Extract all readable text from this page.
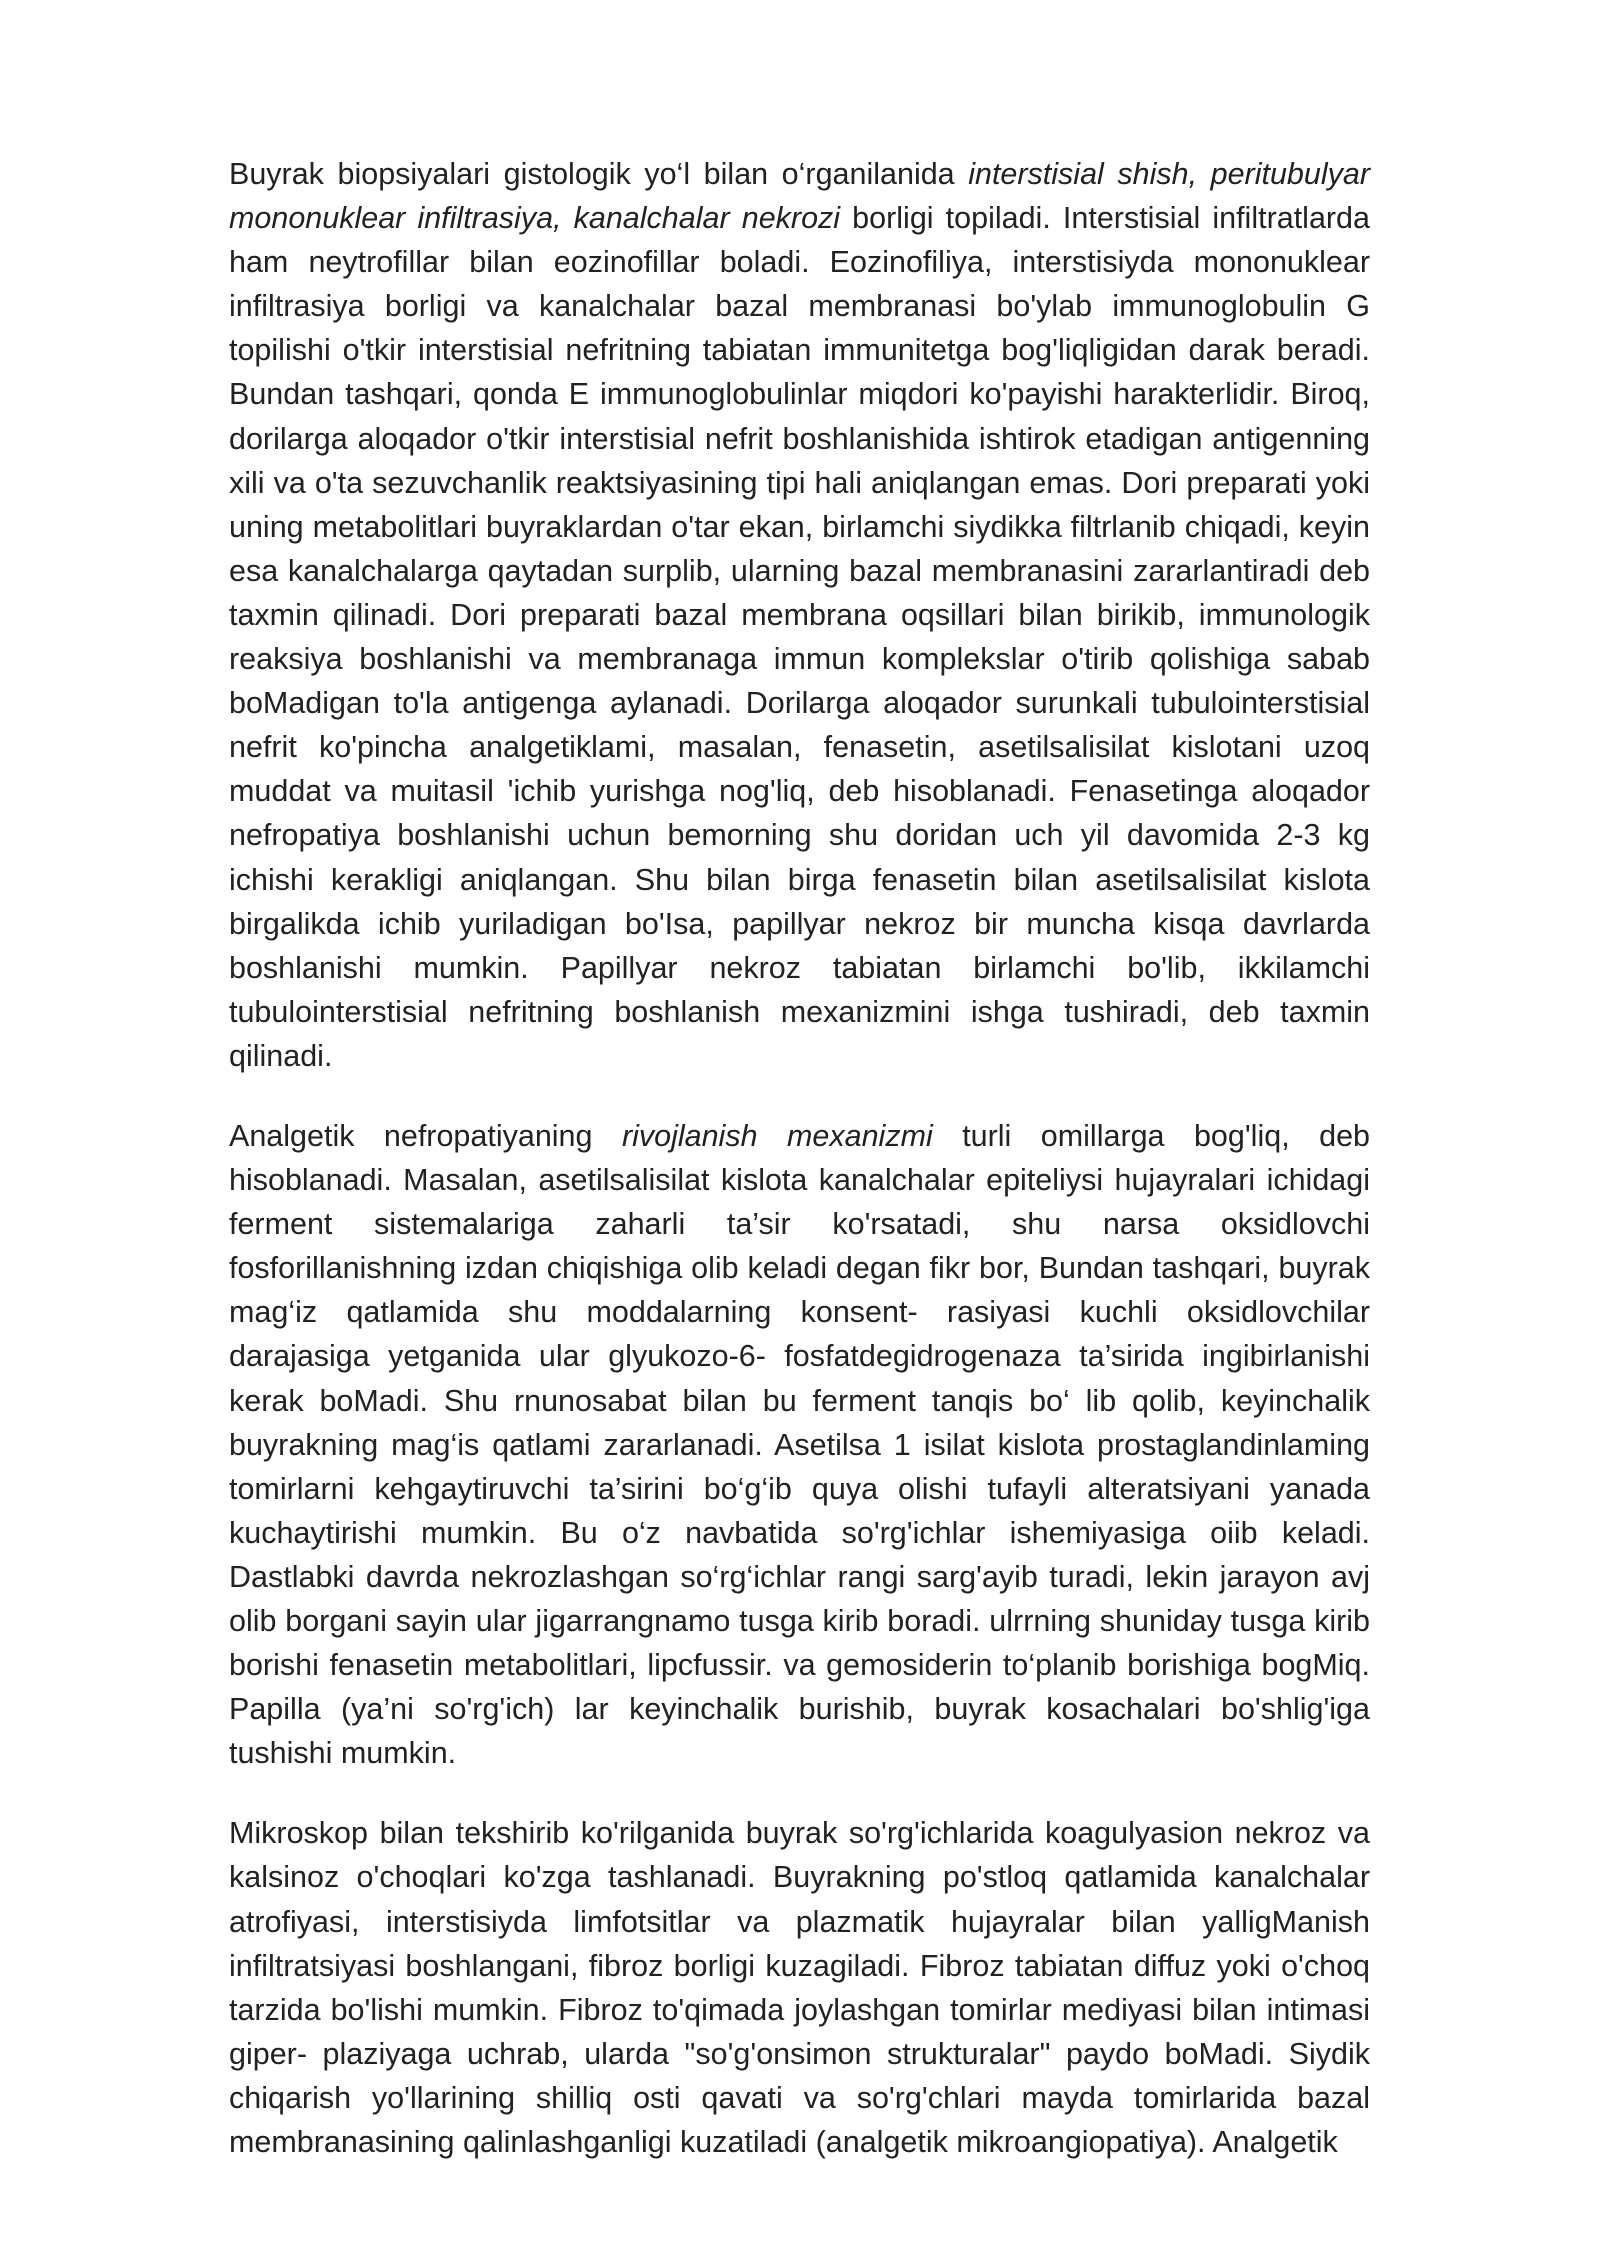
Buyrak biopsiyalari gistologik yo‘l bilan o‘rganilanida interstisial shish, peritubulyar mononuklear infiltrasiya, kanalchalar nekrozi borligi topiladi. Interstisial infiltratlarda ham neytrofillar bilan eozinofillar boladi. Eozinofiliya, interstisiyda mononuklear infiltrasiya borligi va kanalchalar bazal membranasi bo'ylab immunoglobulin G topilishi o'tkir interstisial nefritning tabiatan immunitetga bog'liqligidan darak beradi. Bundan tashqari, qonda E immunoglobulinlar miqdori ko'payishi harakterlidir. Biroq, dorilarga aloqador o'tkir interstisial nefrit boshlanishida ishtirok etadigan antigenning xili va o'ta sezuvchanlik reaktsiyasining tipi hali aniqlangan emas. Dori preparati yoki uning metabolitlari buyraklardan o'tar ekan, birlamchi siydikka filtrlanib chiqadi, keyin esa kanalchalarga qaytadan surplib, ularning bazal membranasini zararlantiradi deb taxmin qilinadi. Dori preparati bazal membrana oqsillari bilan birikib, immunologik reaksiya boshlanishi va membranaga immun komplekslar o'tirib qolishiga sabab boMadigan to'la antigenga aylanadi. Dorilarga aloqador surunkali tubulointerstisial nefrit ko'pincha analgetiklami, masalan, fenasetin, asetilsalisilat kislotani uzoq muddat va muitasil 'ichib yurishga nog'liq, deb hisoblanadi. Fenasetinga aloqador nefropatiya boshlanishi uchun bemorning shu doridan uch yil davomida 2-3 kg ichishi kerakligi aniqlangan. Shu bilan birga fenasetin bilan asetilsalisilat kislota birgalikda ichib yuriladigan bo'Isa, papillyar nekroz bir muncha kisqa davrlarda boshlanishi mumkin. Papillyar nekroz tabiatan birlamchi bo'lib, ikkilamchi tubulointerstisial nefritning boshlanish mexanizmini ishga tushiradi, deb taxmin qilinadi.

Analgetik nefropatiyaning rivojlanish mexanizmi turli omillarga bog'liq, deb hisoblanadi. Masalan, asetilsalisilat kislota kanalchalar epiteliysi hujayralari ichidagi ferment sistemalariga zaharli ta’sir ko'rsatadi, shu narsa oksidlovchi fosforillanishning izdan chiqishiga olib keladi degan fikr bor, Bundan tashqari, buyrak mag‘iz qatlamida shu moddalarning konsent- rasiyasi kuchli oksidlovchilar darajasiga yetganida ular glyukozo-6- fosfatdegidrogenaza ta’sirida ingibirlanishi kerak boMadi. Shu rnunosabat bilan bu ferment tanqis bo‘ lib qolib, keyinchalik buyrakning mag‘is qatlami zararlanadi. Asetilsa 1 isilat kislota prostaglandinlaming tomirlarni kehgaytiruvchi ta’sirini bo‘g‘ib quya olishi tufayli alteratsiyani yanada kuchaytirishi mumkin. Bu o‘z navbatida so'rg'ichlar ishemiyasiga oiib keladi. Dastlabki davrda nekrozlashgan so‘rg‘ichlar rangi sarg'ayib turadi, lekin jarayon avj olib borgani sayin ular jigarrangnamo tusga kirib boradi. ulrrning shuniday tusga kirib borishi fenasetin metabolitlari, lipcfussir. va gemosiderin to‘planib borishiga bogMiq. Papilla (ya’ni so'rg'ich) lar keyinchalik burishib, buyrak kosachalari bo'shlig'iga tushishi mumkin.

Mikroskop bilan tekshirib ko'rilganida buyrak so'rg'ichlarida koagulyasion nekroz va kalsinoz o'choqlari ko'zga tashlanadi. Buyrakning po'stloq qatlamida kanalchalar atrofiyasi, interstisiyda limfotsitlar va plazmatik hujayralar bilan yalligManish infiltratsiyasi boshlangani, fibroz borligi kuzagiladi. Fibroz tabiatan diffuz yoki o'choq tarzida bo'lishi mumkin. Fibroz to'qimada joylashgan tomirlar mediyasi bilan intimasi giper- plaziyaga uchrab, ularda "so'g'onsimon strukturalar" paydo boMadi. Siydik chiqarish yo'llarining shilliq osti qavati va so'rg'chlari mayda tomirlarida bazal membranasining qalinlashganligi kuzatiladi (analgetik mikroangiopatiya). Analgetik
